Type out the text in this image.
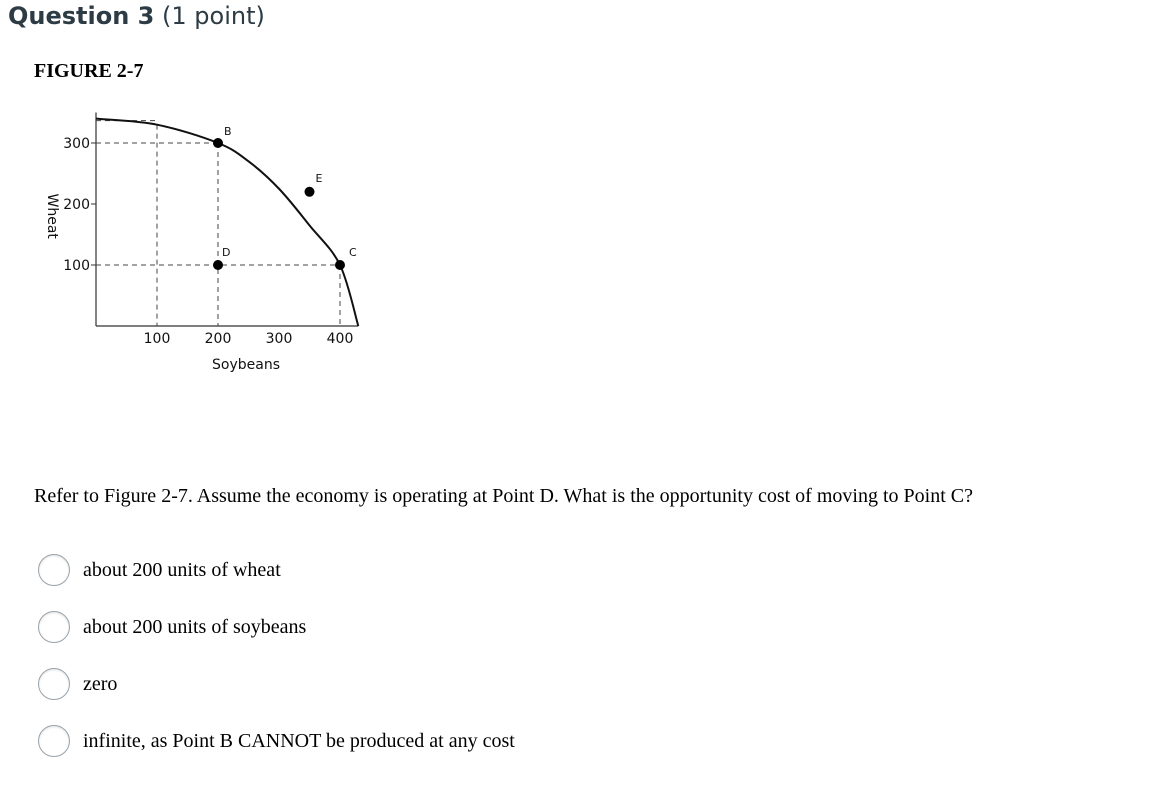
Question 3 (1 point)
FIGURE 2-7
300
200
100
100 200 300 400
Soybeans
Wheat
B
E
D	C
Refer to Figure 2-7. Assume the economy is operating at Point D. What is the opportunity cost of moving to Point C?
about 200 units of wheat
about 200 units of soybeans
zero
infinite, as Point B CANNOT be produced at any cost
